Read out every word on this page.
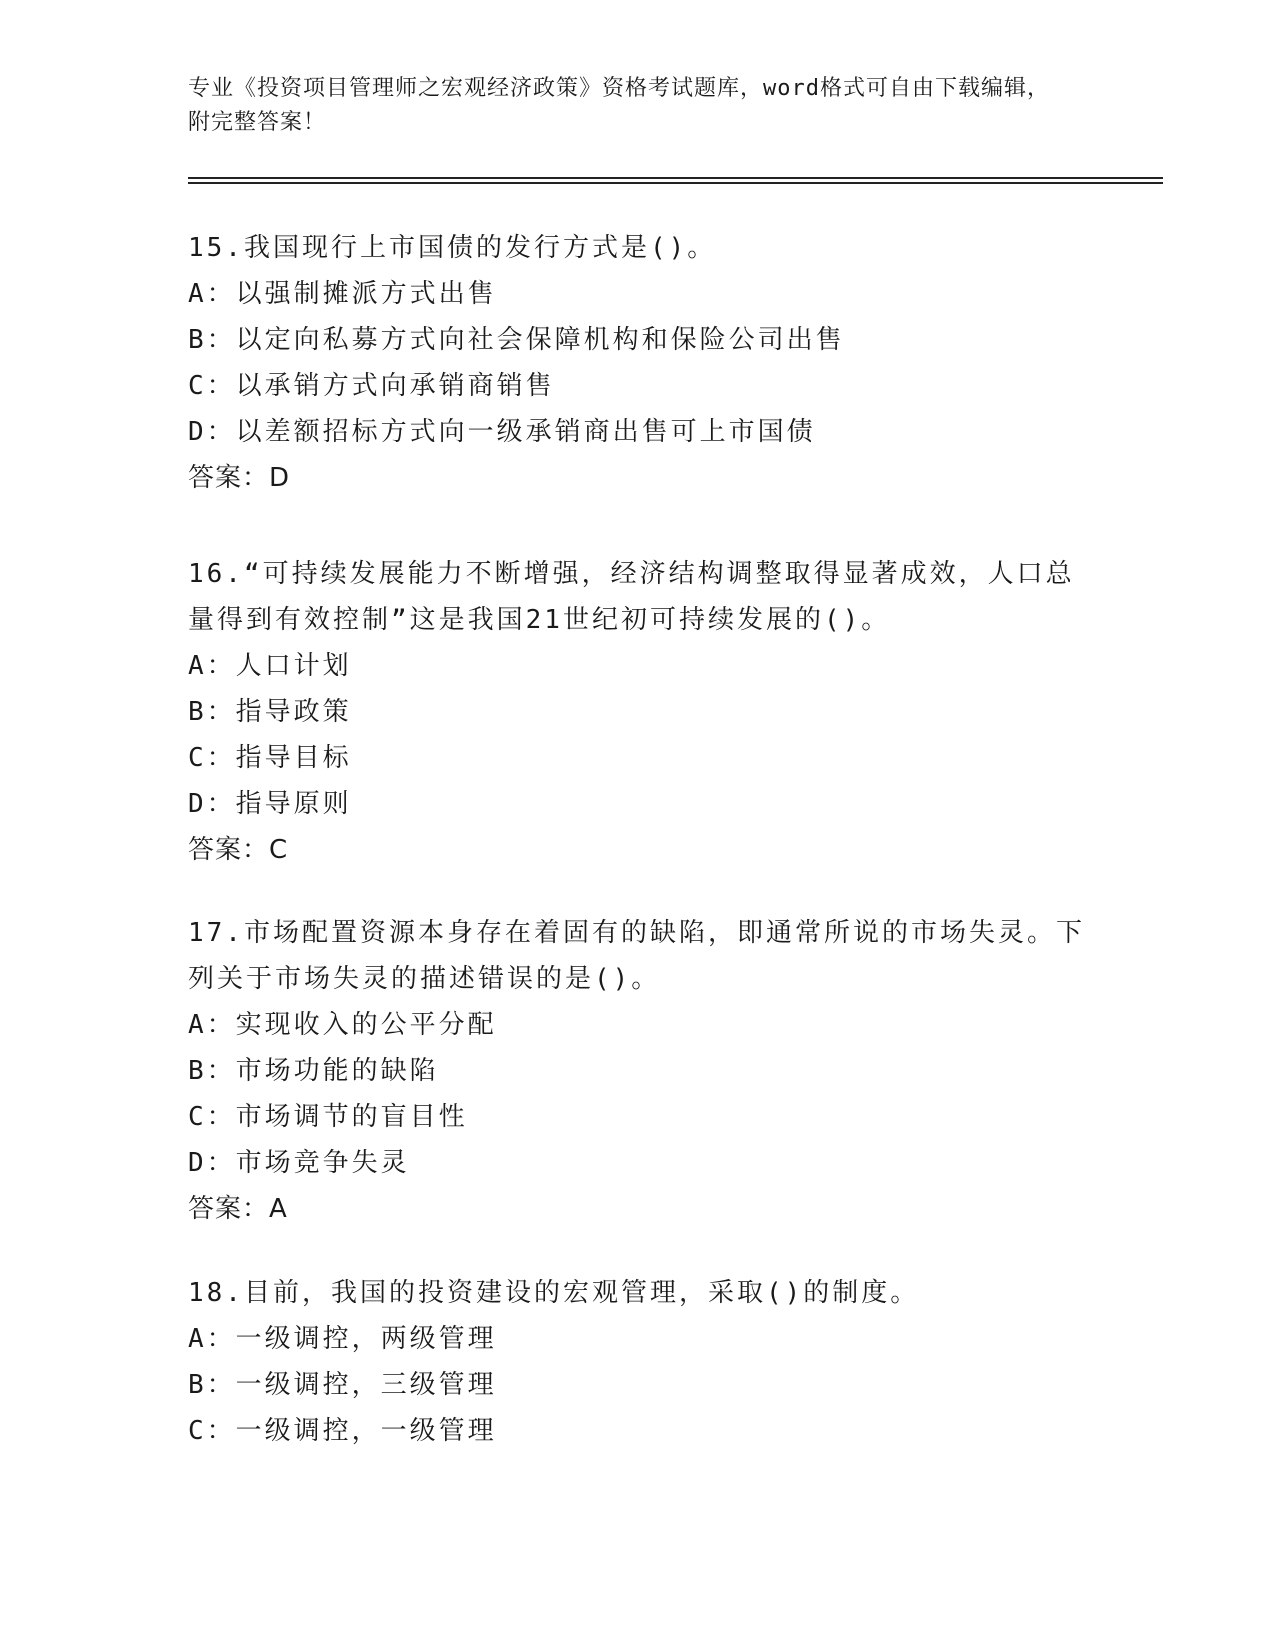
专业《投资项目管理师之宏观经济政策》资格考试题库，word格式可自由下载编辑，附完整答案！
15.我国现行上市国债的发行方式是()。
A：以强制摊派方式出售
B：以定向私募方式向社会保障机构和保险公司出售
C：以承销方式向承销商销售
D：以差额招标方式向一级承销商出售可上市国债
答案：D
16.“可持续发展能力不断增强，经济结构调整取得显著成效，人口总量得到有效控制”这是我国21世纪初可持续发展的()。
A：人口计划
B：指导政策
C：指导目标
D：指导原则
答案：C
17.市场配置资源本身存在着固有的缺陷，即通常所说的市场失灵。下列关于市场失灵的描述错误的是()。
A：实现收入的公平分配
B：市场功能的缺陷
C：市场调节的盲目性
D：市场竞争失灵
答案：A
18.目前，我国的投资建设的宏观管理，采取()的制度。
A：一级调控，两级管理
B：一级调控，三级管理
C：一级调控，一级管理
